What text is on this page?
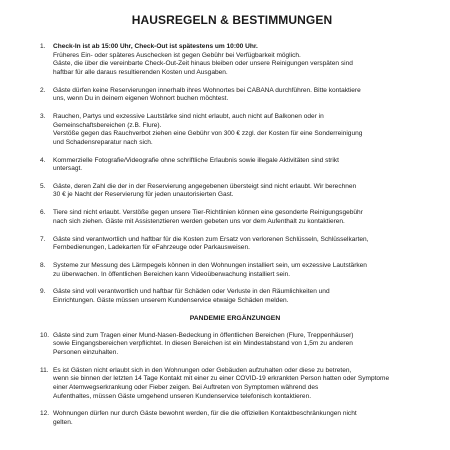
HAUSREGELN & BESTIMMUNGEN
1.	Check-In ist ab 15:00 Uhr, Check-Out ist spätestens um 10:00 Uhr.
Früheres Ein- oder späteres Auschecken ist gegen Gebühr bei Verfügbarkeit möglich.
Gäste, die über die vereinbarte Check-Out-Zeit hinaus bleiben oder unsere Reinigungen verspäten sind
haftbar für alle daraus resultierenden Kosten und Ausgaben.
2.	Gäste dürfen keine Reservierungen innerhalb ihres Wohnortes bei CABANA durchführen. Bitte kontaktiere
uns, wenn Du in deinem eigenen Wohnort buchen möchtest.
3.	Rauchen, Partys und exzessive Lautstärke sind nicht erlaubt, auch nicht auf Balkonen oder in
Gemeinschaftsbereichen (z.B. Flure).
Verstöße gegen das Rauchverbot ziehen eine Gebühr von 300 € zzgl. der Kosten für eine Sonderreinigung
und Schadensreparatur nach sich.
4.	Kommerzielle Fotografie/Videografie ohne schriftliche Erlaubnis sowie illegale Aktivitäten sind strikt
untersagt.
5.	Gäste, deren Zahl die der in der Reservierung angegebenen übersteigt sind nicht erlaubt. Wir berechnen
30 € je Nacht der Reservierung für jeden unautorisierten Gast.
6.	Tiere sind nicht erlaubt. Verstöße gegen unsere Tier-Richtlinien können eine gesonderte Reinigungsgebühr
nach sich ziehen. Gäste mit Assistenztieren werden gebeten uns vor dem Aufenthalt zu kontaktieren.
7.	Gäste sind verantwortlich und haftbar für die Kosten zum Ersatz von verlorenen Schlüsseln, Schlüsselkarten,
Fernbedienungen, Ladekarten für eFahrzeuge oder Parkausweisen.
8.	Systeme zur Messung des Lärmpegels können in den Wohnungen installiert sein, um exzessive Lautstärken
zu überwachen. In öffentlichen Bereichen kann Videoüberwachung installiert sein.
9.	Gäste sind voll verantwortlich und haftbar für Schäden oder Verluste in den Räumlichkeiten und
Einrichtungen. Gäste müssen unserem Kundenservice etwaige Schäden melden.
PANDEMIE ERGÄNZUNGEN
10. Gäste sind zum Tragen einer Mund-Nasen-Bedeckung in öffentlichen Bereichen (Flure, Treppenhäuser)
sowie Eingangsbereichen verpflichtet. In diesen Bereichen ist ein Mindestabstand von 1,5m zu anderen
Personen einzuhalten.
11. Es ist Gästen nicht erlaubt sich in den Wohnungen oder Gebäuden aufzuhalten oder diese zu betreten,
wenn sie binnen der letzten 14 Tage Kontakt mit einer zu einer COVID-19 erkrankten Person hatten oder Symptome
einer Atemwegserkrankung oder Fieber zeigen. Bei Auftreten von Symptomen während des
Aufenthaltes, müssen Gäste umgehend unseren Kundenservice telefonisch kontaktieren.
12. Wohnungen dürfen nur durch Gäste bewohnt werden, für die die offiziellen Kontaktbeschränkungen nicht
gelten.
